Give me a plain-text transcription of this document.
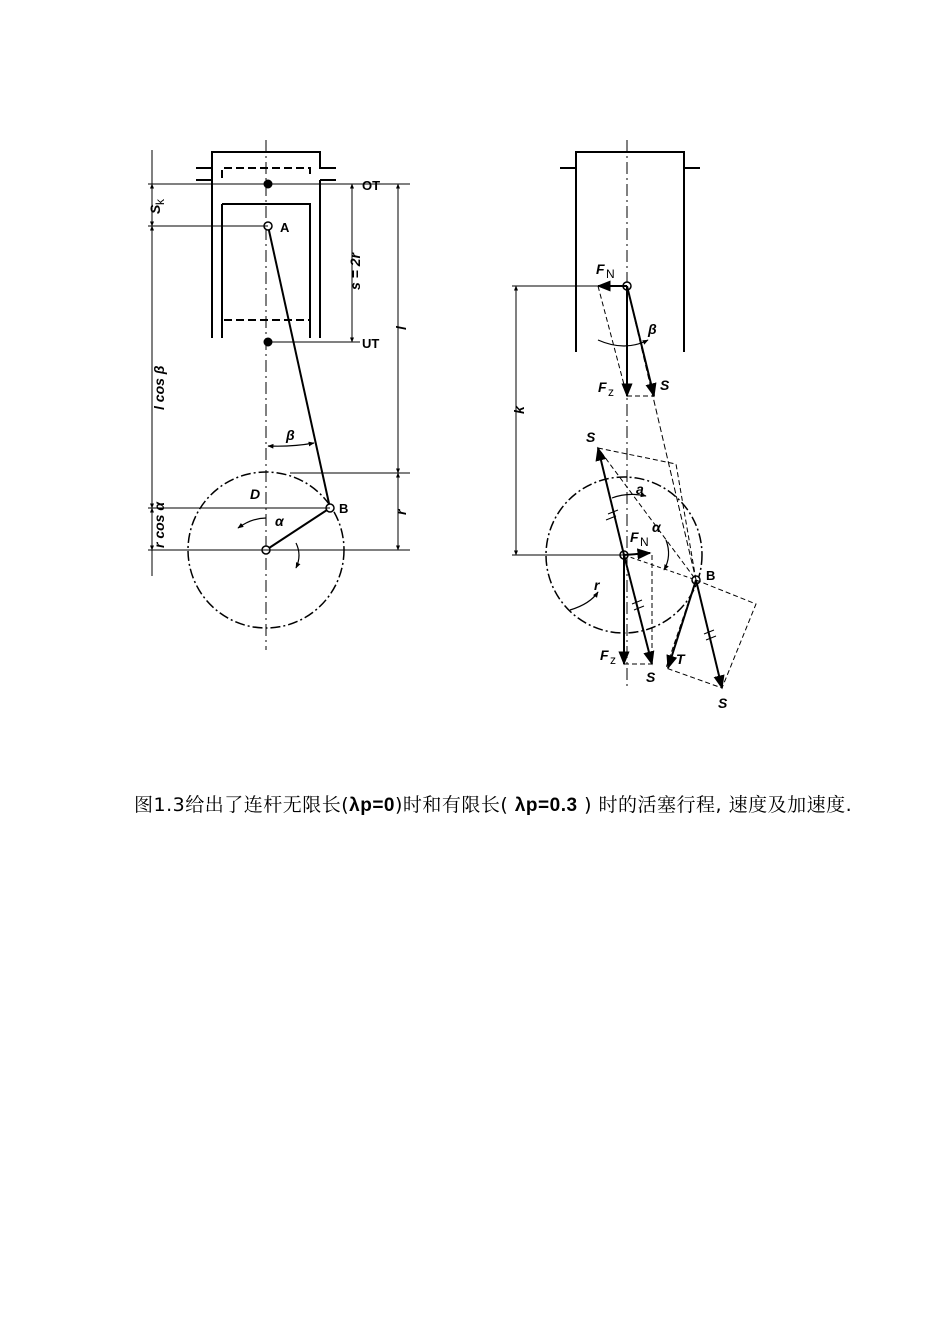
OT
UT
A
B
D
β
α
S
k
l cos β
r cos α
s = 2r
l
r
F N
β
F z	S
k
S
a
α
F N
r
B
F z
S
T
S
图1.3给出了连杆无限长(λp=0)时和有限长( λp=0.3 ) 时的活塞行程, 速度及加速度.
